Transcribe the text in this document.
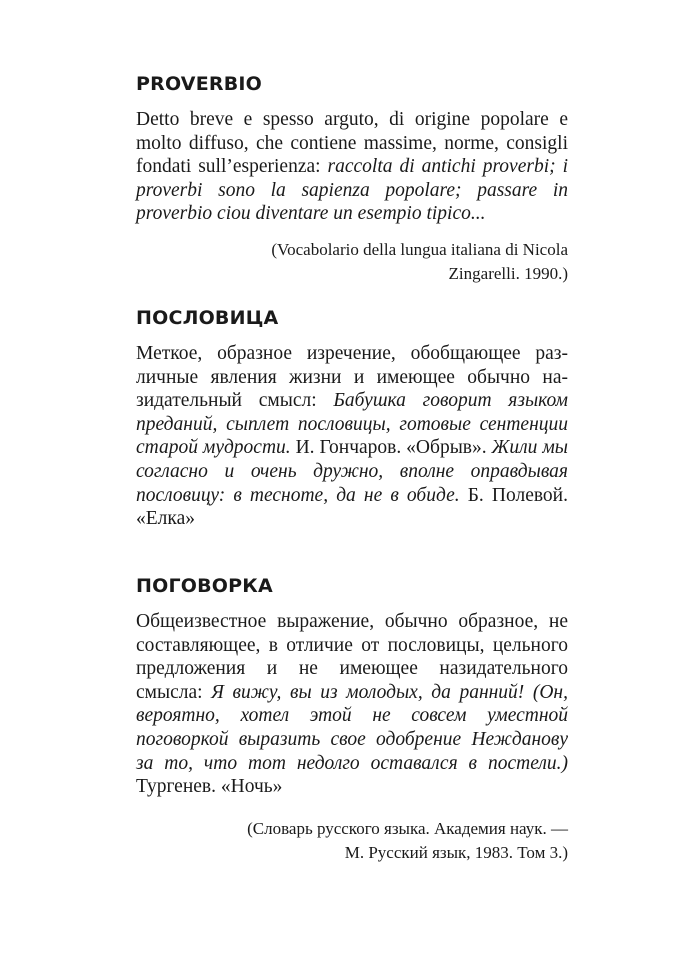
PROVERBIO

Detto breve e spesso arguto, di origine popolare e molto diffuso, che contiene massime, norme, consigli fondati sull’esperienza: raccolta di antichi proverbi; i proverbi sono la sapienza popolare; passare in proverbio ciou diventare un esempio tipico...

(Vocabolario della lungua italiana di Nicola
Zingarelli. 1990.)
ПОСЛОВИЦА

Меткое, образное изречение, обобщающее различные явления жизни и имеющее обычно назидательный смысл: Бабушка говорит языком преданий, сыплет пословицы, готовые сентенции старой мудрости. И. Гончаров. «Обрыв». Жили мы согласно и очень дружно, вполне оправдывая пословицу: в тесноте, да не в обиде. Б. Полевой. «Елка»

ПОГОВОРКА

Общеизвестное выражение, обычно образное, не составляющее, в отличие от пословицы, цельного предложения и не имеющее назидательного смысла: Я вижу, вы из молодых, да ранний! (Он, вероятно, хотел этой не совсем уместной поговоркой выразить свое одобрение Нежданову за то, что тот недолго оставался в постели.) Тургенев. «Ночь»

(Словарь русского языка. Академия наук. —
М. Русский язык, 1983. Том 3.)
